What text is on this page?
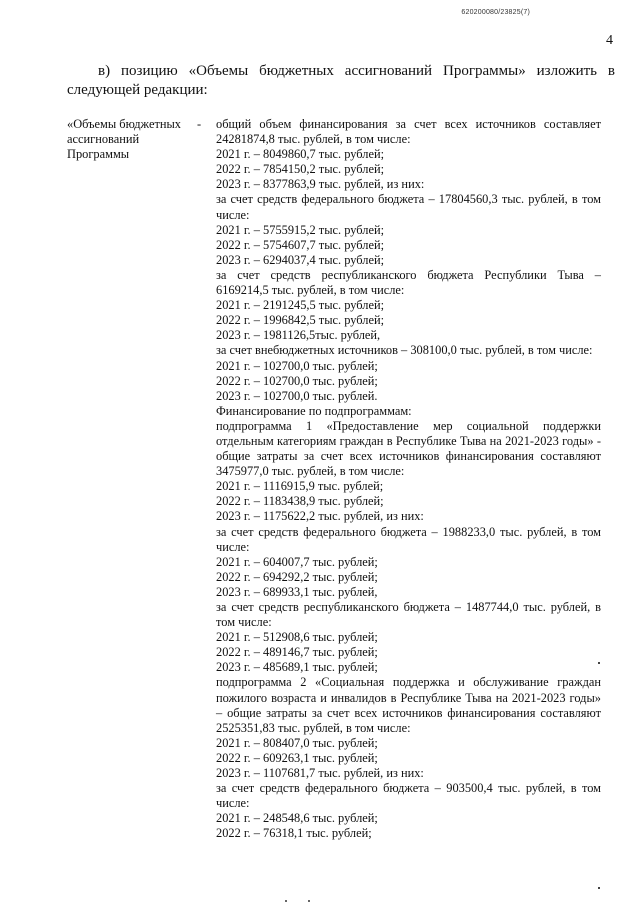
620200080/23825(7)
4
в) позицию «Объемы бюджетных ассигнований Программы» изложить в следующей редакции:
«Объемы бюджетных ассигнований Программы
- общий объем финансирования за счет всех источников составляет 24281874,8 тыс. рублей, в том числе:
2021 г. – 8049860,7 тыс. рублей;
2022 г. – 7854150,2 тыс. рублей;
2023 г. – 8377863,9 тыс. рублей, из них:
за счет средств федерального бюджета – 17804560,3 тыс. рублей, в том числе:
2021 г. – 5755915,2 тыс. рублей;
2022 г. – 5754607,7 тыс. рублей;
2023 г. – 6294037,4 тыс. рублей;
за счет средств республиканского бюджета Республики Тыва – 6169214,5 тыс. рублей, в том числе:
2021 г. – 2191245,5 тыс. рублей;
2022 г. – 1996842,5 тыс. рублей;
2023 г. – 1981126,5тыс. рублей,
за счет внебюджетных источников – 308100,0 тыс. рублей, в том числе:
2021 г. – 102700,0 тыс. рублей;
2022 г. – 102700,0 тыс. рублей;
2023 г. – 102700,0 тыс. рублей.
Финансирование по подпрограммам:
подпрограмма 1 «Предоставление мер социальной поддержки отдельным категориям граждан в Республике Тыва на 2021-2023 годы» - общие затраты за счет всех источников финансирования составляют 3475977,0 тыс. рублей, в том числе:
2021 г. – 1116915,9 тыс. рублей;
2022 г. – 1183438,9 тыс. рублей;
2023 г. – 1175622,2 тыс. рублей, из них:
за счет средств федерального бюджета – 1988233,0 тыс. рублей, в том числе:
2021 г. – 604007,7 тыс. рублей;
2022 г. – 694292,2 тыс. рублей;
2023 г. – 689933,1 тыс. рублей,
за счет средств республиканского бюджета – 1487744,0 тыс. рублей, в том числе:
2021 г. – 512908,6 тыс. рублей;
2022 г. – 489146,7 тыс. рублей;
2023 г. – 485689,1 тыс. рублей;
подпрограмма 2 «Социальная поддержка и обслуживание граждан пожилого возраста и инвалидов в Республике Тыва на 2021-2023 годы» – общие затраты за счет всех источников финансирования составляют 2525351,83 тыс. рублей, в том числе:
2021 г. – 808407,0 тыс. рублей;
2022 г. – 609263,1 тыс. рублей;
2023 г. – 1107681,7 тыс. рублей, из них:
за счет средств федерального бюджета – 903500,4 тыс. рублей, в том числе:
2021 г. – 248548,6 тыс. рублей;
2022 г. – 76318,1 тыс. рублей;
